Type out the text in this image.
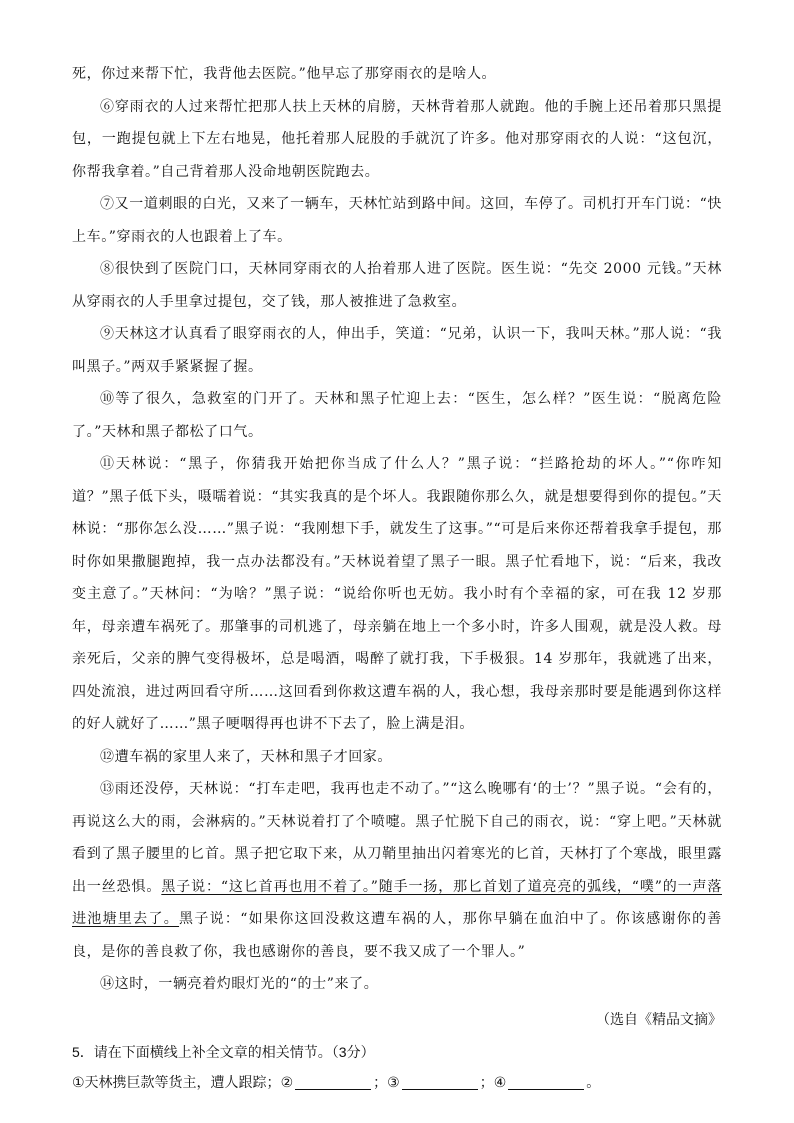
死，你过来帮下忙，我背他去医院。”他早忘了那穿雨衣的是啥人。

⑥穿雨衣的人过来帮忙把那人扶上天林的肩膀，天林背着那人就跑。他的手腕上还吊着那只黑提包，一跑提包就上下左右地晃，他托着那人屁股的手就沉了许多。他对那穿雨衣的人说：“这包沉，你帮我拿着。”自己背着那人没命地朝医院跑去。

⑦又一道刺眼的白光，又来了一辆车，天林忙站到路中间。这回，车停了。司机打开车门说：“快上车。”穿雨衣的人也跟着上了车。

⑧很快到了医院门口，天林同穿雨衣的人抬着那人进了医院。医生说：“先交 2000 元钱。”天林从穿雨衣的人手里拿过提包，交了钱，那人被推进了急救室。

⑨天林这才认真看了眼穿雨衣的人，伸出手，笑道：“兄弟，认识一下，我叫天林。”那人说：“我叫黑子。”两双手紧紧握了握。

⑩等了很久，急救室的门开了。天林和黑子忙迎上去：“医生，怎么样？”医生说：“脱离危险了。”天林和黑子都松了口气。

⑪天林说：“黑子，你猜我开始把你当成了什么人？”黑子说：“拦路抢劫的坏人。”“你咋知道？”黑子低下头，嗫嚅着说：“其实我真的是个坏人。我跟随你那么久，就是想要得到你的提包。”天林说：“那你怎么没……”黑子说：“我刚想下手，就发生了这事。”“可是后来你还帮着我拿手提包，那时你如果撒腿跑掉，我一点办法都没有。”天林说着望了黑子一眼。黑子忙看地下，说：“后来，我改变主意了。”天林问：“为啥？”黑子说：“说给你听也无妨。我小时有个幸福的家，可在我 12 岁那年，母亲遭车祸死了。那肇事的司机逃了，母亲躺在地上一个多小时，许多人围观，就是没人救。母亲死后，父亲的脾气变得极坏，总是喝酒，喝醉了就打我，下手极狠。14 岁那年，我就逃了出来，四处流浪，进过两回看守所……这回看到你救这遭车祸的人，我心想，我母亲那时要是能遇到你这样的好人就好了……”黑子哽咽得再也讲不下去了，脸上满是泪。

⑫遭车祸的家里人来了，天林和黑子才回家。

⑬雨还没停，天林说：“打车走吧，我再也走不动了。”“这么晚哪有‘的士’？”黑子说。“会有的，再说这么大的雨，会淋病的。”天林说着打了个喷嚏。黑子忙脱下自己的雨衣，说：“穿上吧。”天林就看到了黑子腰里的匕首。黑子把它取下来，从刀鞘里抽出闪着寒光的匕首，天林打了个寒战，眼里露出一丝恐惧。黑子说：“这匕首再也用不着了。”随手一扬，那匕首划了道亮亮的弧线，“噗”的一声落进池塘里去了。黑子说：“如果你这回没救这遭车祸的人，那你早躺在血泊中了。你该感谢你的善良，是你的善良救了你，我也感谢你的善良，要不我又成了一个罪人。”

⑭这时，一辆亮着灼眼灯光的“的士”来了。

（选自《精品文摘》

5．请在下面横线上补全文章的相关情节。（3分）

①天林携巨款等货主，遭人跟踪；②	；③	；④	。
